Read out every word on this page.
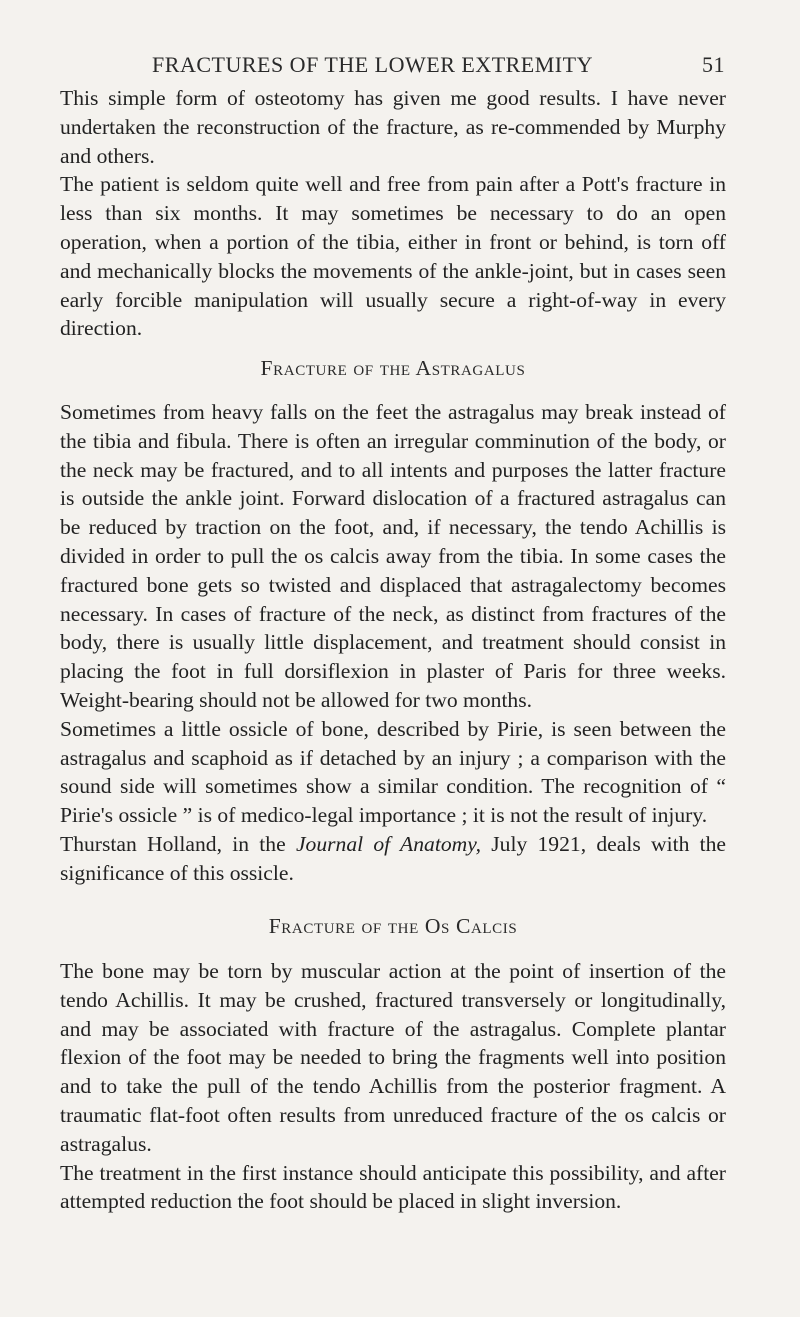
FRACTURES OF THE LOWER EXTREMITY	51

This simple form of osteotomy has given me good results. I have never undertaken the reconstruction of the fracture, as re-commended by Murphy and others.

The patient is seldom quite well and free from pain after a Pott's fracture in less than six months. It may sometimes be necessary to do an open operation, when a portion of the tibia, either in front or behind, is torn off and mechanically blocks the movements of the ankle-joint, but in cases seen early forcible manipulation will usually secure a right-of-way in every direction.

Fracture of the Astragalus

Sometimes from heavy falls on the feet the astragalus may break instead of the tibia and fibula. There is often an irregular comminution of the body, or the neck may be fractured, and to all intents and purposes the latter fracture is outside the ankle joint. Forward dislocation of a fractured astragalus can be reduced by traction on the foot, and, if necessary, the tendo Achillis is divided in order to pull the os calcis away from the tibia. In some cases the fractured bone gets so twisted and displaced that astragalectomy becomes necessary. In cases of fracture of the neck, as distinct from fractures of the body, there is usually little displacement, and treatment should consist in placing the foot in full dorsiflexion in plaster of Paris for three weeks. Weight-bearing should not be allowed for two months.

Sometimes a little ossicle of bone, described by Pirie, is seen between the astragalus and scaphoid as if detached by an injury ; a comparison with the sound side will sometimes show a similar condition. The recognition of “ Pirie's ossicle ” is of medico-legal importance ; it is not the result of injury.

Thurstan Holland, in the Journal of Anatomy, July 1921, deals with the significance of this ossicle.

Fracture of the Os Calcis

The bone may be torn by muscular action at the point of insertion of the tendo Achillis. It may be crushed, fractured transversely or longitudinally, and may be associated with fracture of the astragalus. Complete plantar flexion of the foot may be needed to bring the fragments well into position and to take the pull of the tendo Achillis from the posterior fragment. A traumatic flat-foot often results from unreduced fracture of the os calcis or astragalus.

The treatment in the first instance should anticipate this possibility, and after attempted reduction the foot should be placed in slight inversion.
